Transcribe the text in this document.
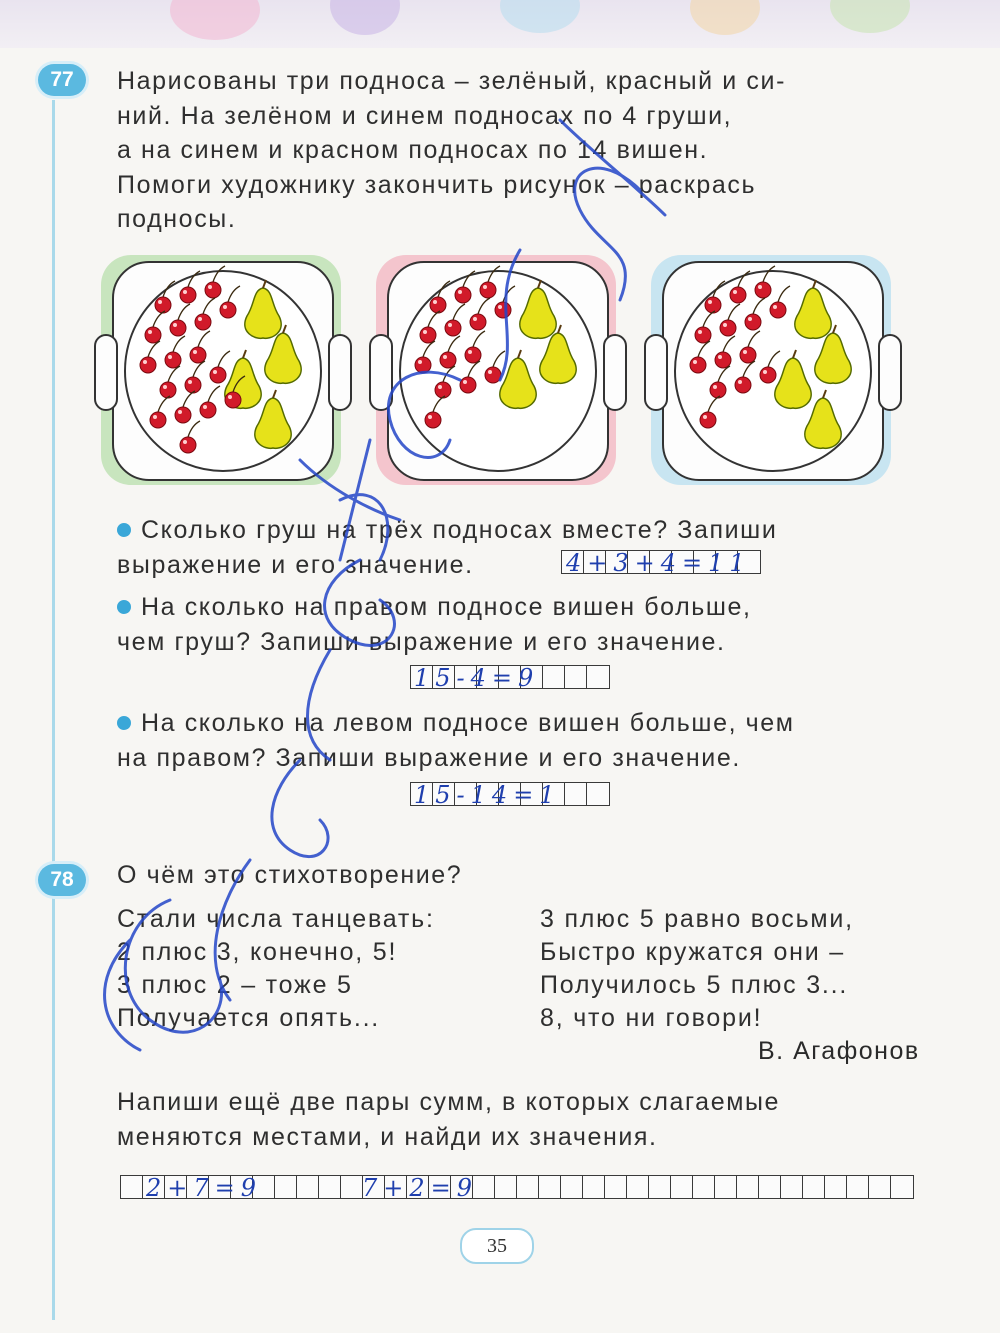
77	Нарисованы три подноса – зелёный, красный и си-
ний. На зелёном и синем подносах по 4 груши,
а на синем и красном подносах по 14 вишен.
Помоги художнику закончить рисунок – раскрась
подносы.
Сколько груш на трёх подносах вместе? Запиши
выражение и его значение.	4+3+4=11
На сколько на правом подносе вишен больше,
чем груш? Запиши выражение и его значение.
15-4=9
На сколько на левом подносе вишен больше, чем
на правом? Запиши выражение и его значение.
15-14=1
78	О чём это стихотворение?
Стали числа танцевать:
2 плюс 3, конечно, 5!
3 плюс 2 – тоже 5
Получается опять...
3 плюс 5 равно восьми,
Быстро кружатся они –
Получилось 5 плюс 3...
8, что ни говори!
В. Агафонов
Напиши ещё две пары сумм, в которых слагаемые
меняются местами, и найди их значения.
2+7=9	7+2=9
35
